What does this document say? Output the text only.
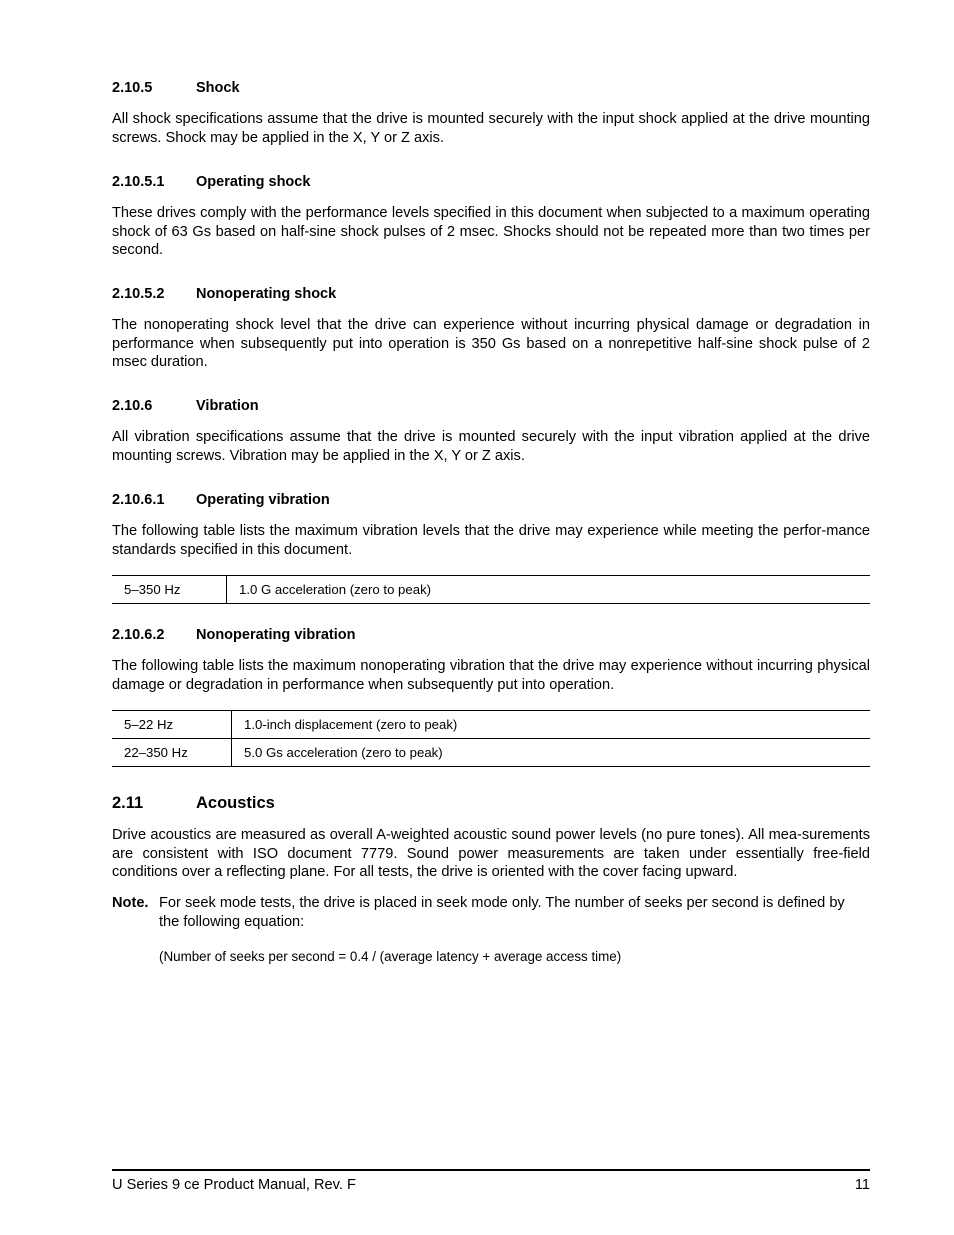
2.10.5	Shock

All shock specifications assume that the drive is mounted securely with the input shock applied at the drive mounting screws. Shock may be applied in the X, Y or Z axis.

2.10.5.1 Operating shock

These drives comply with the performance levels specified in this document when subjected to a maximum operating shock of 63 Gs based on half-sine shock pulses of 2 msec. Shocks should not be repeated more than two times per second.

2.10.5.2 Nonoperating shock

The nonoperating shock level that the drive can experience without incurring physical damage or degradation in performance when subsequently put into operation is 350 Gs based on a nonrepetitive half-sine shock pulse of 2 msec duration.

2.10.6	Vibration

All vibration specifications assume that the drive is mounted securely with the input vibration applied at the drive mounting screws. Vibration may be applied in the X, Y or Z axis.

2.10.6.1 Operating vibration

The following table lists the maximum vibration levels that the drive may experience while meeting the perfor-mance standards specified in this document.

5–350 Hz	1.0 G acceleration (zero to peak)
2.10.6.2 Nonoperating vibration

The following table lists the maximum nonoperating vibration that the drive may experience without incurring physical damage or degradation in performance when subsequently put into operation.

5–22 Hz	1.0-inch displacement (zero to peak)
22–350 Hz	5.0 Gs acceleration (zero to peak)
2.11	Acoustics

Drive acoustics are measured as overall A-weighted acoustic sound power levels (no pure tones). All mea-surements are consistent with ISO document 7779. Sound power measurements are taken under essentially free-field conditions over a reflecting plane. For all tests, the drive is oriented with the cover facing upward.

Note. For seek mode tests, the drive is placed in seek mode only. The number of seeks per second is defined by the following equation:
(Number of seeks per second = 0.4 / (average latency + average access time)
U Series 9 ce Product Manual, Rev. F	11
